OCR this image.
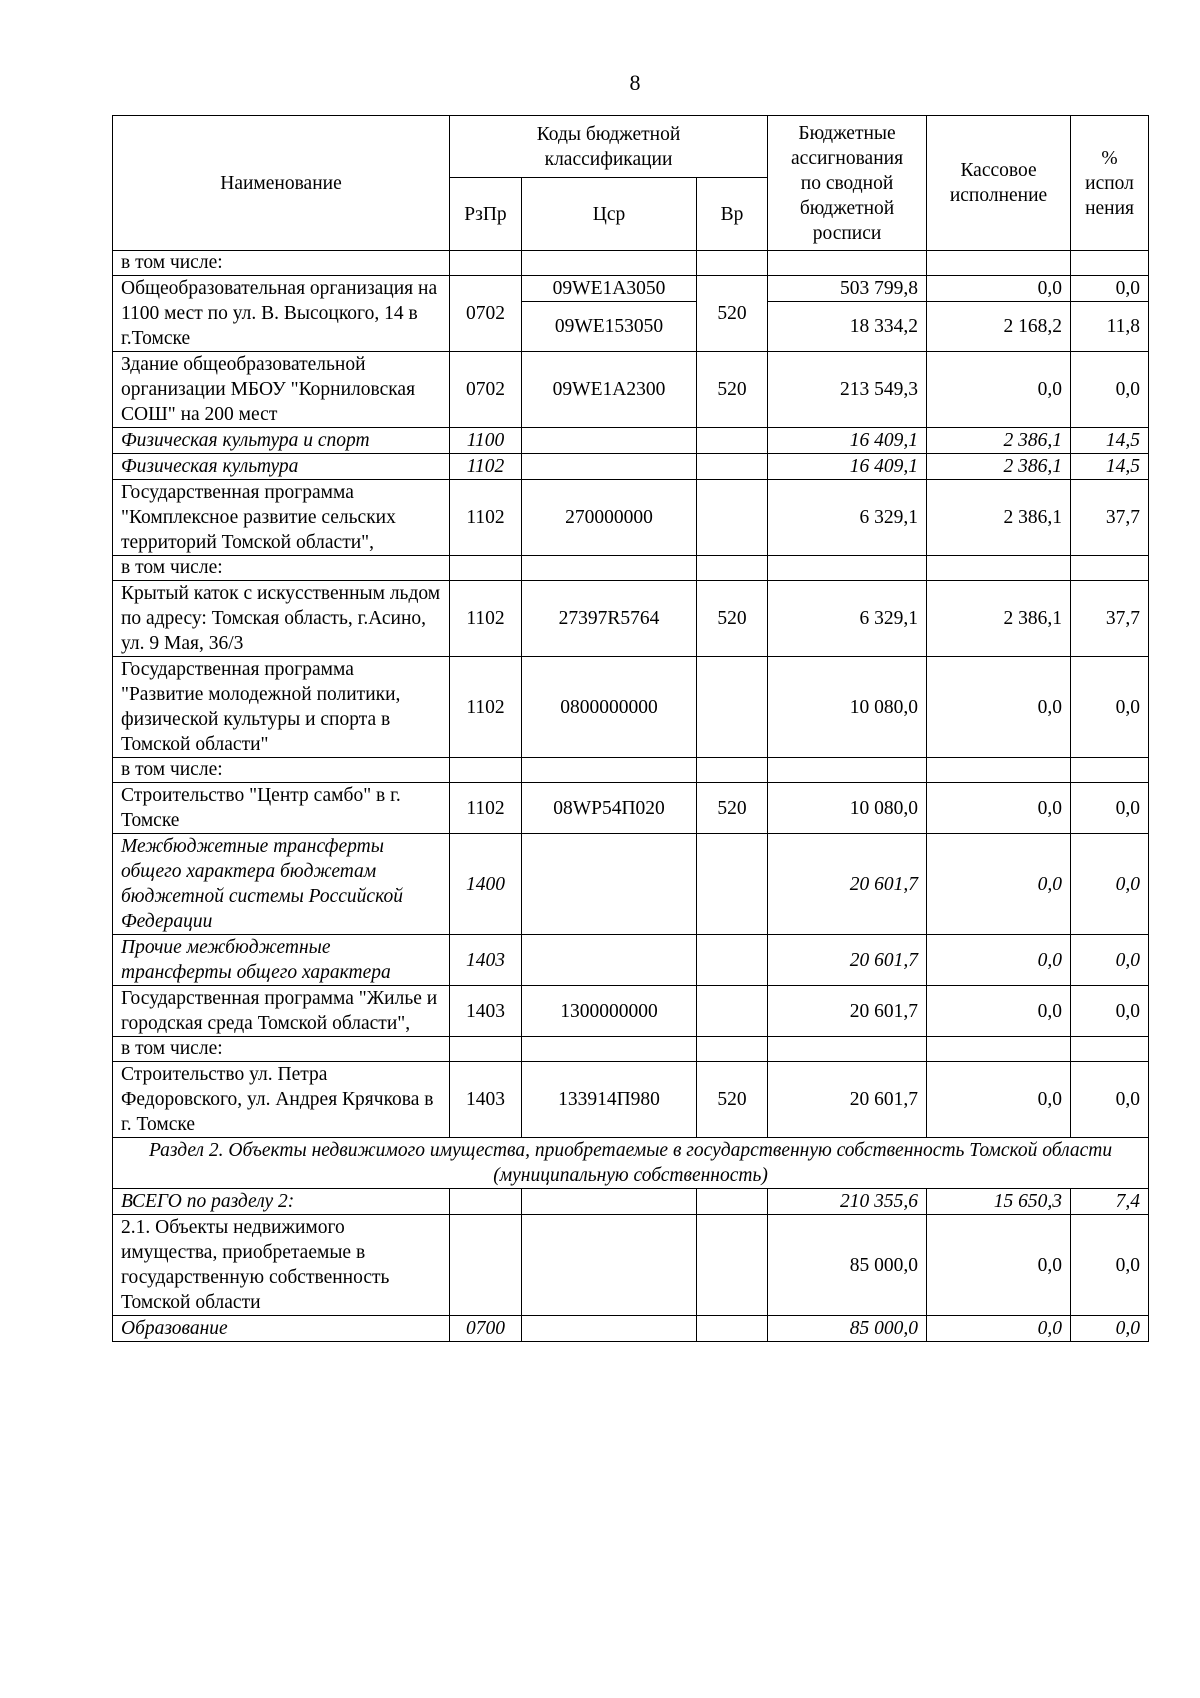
8
Наименование	Коды бюджетной классификации			Бюджетные ассигнования по сводной бюджетной росписи	Кассовое исполнение	% испол нения
	РзПр	Цср	Вр			
в том числе:						
Общеобразовательная организация на 1100 мест по ул. В. Высоцкого, 14 в г.Томске	0702	09WE1A3050	520	503 799,8	0,0	0,0
		09WE153050		18 334,2	2 168,2	11,8
Здание общеобразовательной организации МБОУ "Корниловская СОШ" на 200 мест	0702	09WE1A2300	520	213 549,3	0,0	0,0
Физическая культура и спорт	1100			16 409,1	2 386,1	14,5
Физическая культура	1102			16 409,1	2 386,1	14,5
Государственная программа "Комплексное развитие сельских территорий Томской области",	1102	270000000		6 329,1	2 386,1	37,7
в том числе:						
Крытый каток с искусственным льдом по адресу: Томская область, г.Асино, ул. 9 Мая, 36/3	1102	27397R5764	520	6 329,1	2 386,1	37,7
Государственная программа "Развитие молодежной политики, физической культуры и спорта в Томской области"	1102	0800000000		10 080,0	0,0	0,0
в том числе:						
Строительство "Центр самбо" в г. Томске	1102	08WP54П020	520	10 080,0	0,0	0,0
Межбюджетные трансферты общего характера бюджетам бюджетной системы Российской Федерации	1400			20 601,7	0,0	0,0
Прочие межбюджетные трансферты общего характера	1403			20 601,7	0,0	0,0
Государственная программа "Жилье и городская среда Томской области",	1403	1300000000		20 601,7	0,0	0,0
в том числе:						
Строительство ул. Петра Федоровского, ул. Андрея Крячкова в г. Томске	1403	133914П980	520	20 601,7	0,0	0,0
Раздел 2. Объекты недвижимого имущества, приобретаемые в государственную собственность Томской области (муниципальную собственность)						
ВСЕГО по разделу 2:				210 355,6	15 650,3	7,4
2.1. Объекты недвижимого имущества, приобретаемые в государственную собственность Томской области				85 000,0	0,0	0,0
Образование	0700			85 000,0	0,0	0,0
